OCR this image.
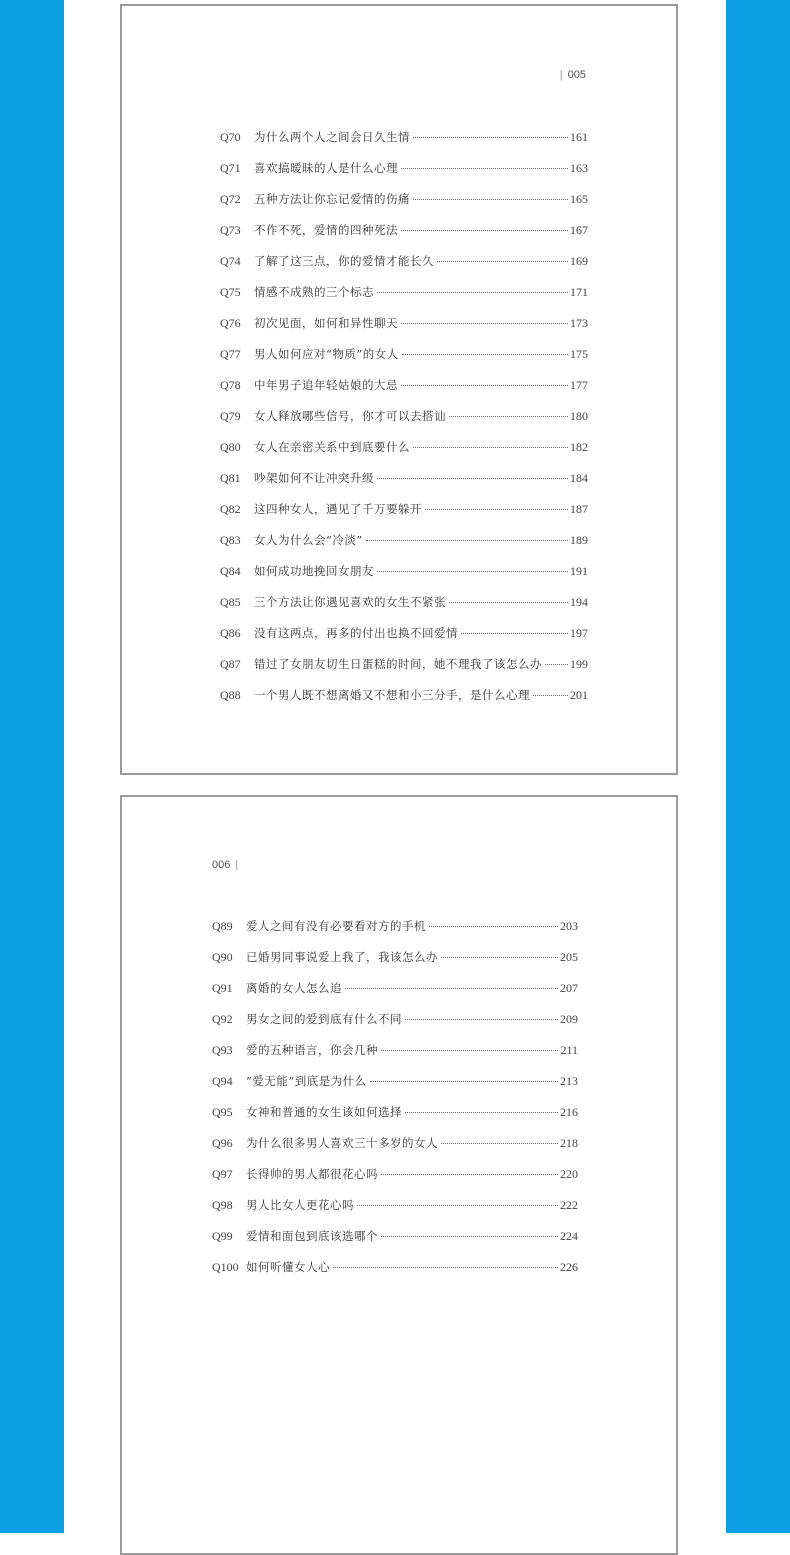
| 005
Q70	为什么两个人之间会日久生情	161
Q71	喜欢搞暧昧的人是什么心理	163
Q72	五种方法让你忘记爱情的伤痛	165
Q73	不作不死，爱情的四种死法	167
Q74	了解了这三点，你的爱情才能长久	169
Q75	情感不成熟的三个标志	171
Q76	初次见面，如何和异性聊天	173
Q77	男人如何应对“物质”的女人	175
Q78	中年男子追年轻姑娘的大忌	177
Q79	女人释放哪些信号，你才可以去搭讪	180
Q80	女人在亲密关系中到底要什么	182
Q81	吵架如何不让冲突升级	184
Q82	这四种女人，遇见了千万要躲开	187
Q83	女人为什么会“冷淡”	189
Q84	如何成功地挽回女朋友	191
Q85	三个方法让你遇见喜欢的女生不紧张	194
Q86	没有这两点，再多的付出也换不回爱情	197
Q87	错过了女朋友切生日蛋糕的时间，她不理我了该怎么办 199
Q88	一个男人既不想离婚又不想和小三分手，是什么心理	201
006 |
Q89	爱人之间有没有必要看对方的手机	203
Q90	已婚男同事说爱上我了，我该怎么办	205
Q91	离婚的女人怎么追	207
Q92	男女之间的爱到底有什么不同	209
Q93	爱的五种语言，你会几种	211
Q94	“爱无能”到底是为什么	213
Q95	女神和普通的女生该如何选择	216
Q96	为什么很多男人喜欢三十多岁的女人	218
Q97	长得帅的男人都很花心吗	220
Q98	男人比女人更花心吗	222
Q99	爱情和面包到底该选哪个	224
Q100 如何听懂女人心	226
